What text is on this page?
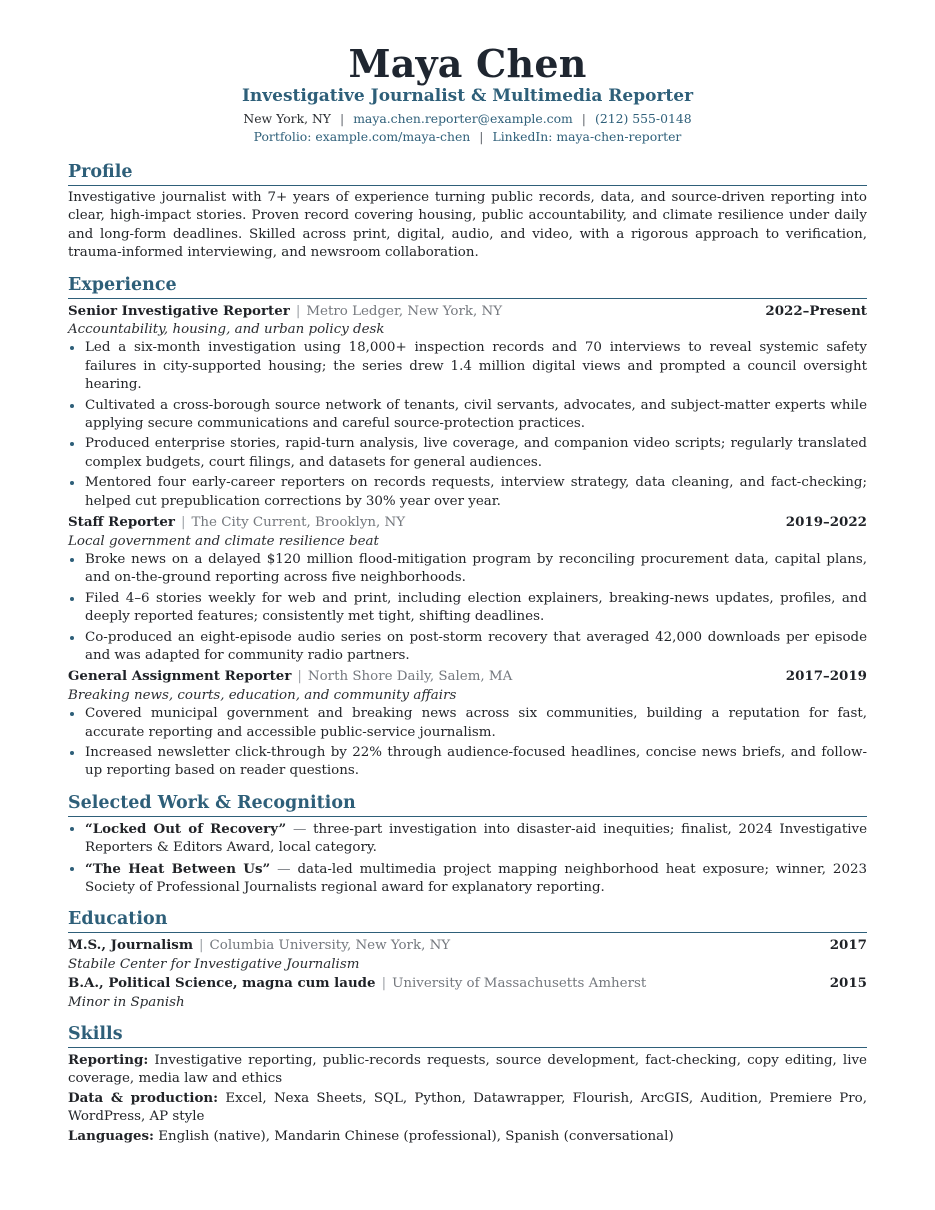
Maya Chen
Investigative Journalist & Multimedia Reporter
New York, NY | maya.chen.reporter@example.com | (212) 555-0148
Portfolio: example.com/maya-chen | LinkedIn: maya-chen-reporter
Profile
Investigative journalist with 7+ years of experience turning public records, data, and source-driven reporting into clear, high-impact stories. Proven record covering housing, public accountability, and climate resilience under daily and long-form deadlines. Skilled across print, digital, audio, and video, with a rigorous approach to verification, trauma-informed interviewing, and newsroom collaboration.
Experience
Senior Investigative Reporter | Metro Ledger, New York, NY	2022–Present
Accountability, housing, and urban policy desk
Led a six-month investigation using 18,000+ inspection records and 70 interviews to reveal systemic safety failures in city-supported housing; the series drew 1.4 million digital views and prompted a council oversight hearing.
Cultivated a cross-borough source network of tenants, civil servants, advocates, and subject-matter experts while applying secure communications and careful source-protection practices.
Produced enterprise stories, rapid-turn analysis, live coverage, and companion video scripts; regularly translated complex budgets, court filings, and datasets for general audiences.
Mentored four early-career reporters on records requests, interview strategy, data cleaning, and fact-checking; helped cut prepublication corrections by 30% year over year.
Staff Reporter | The City Current, Brooklyn, NY	2019–2022
Local government and climate resilience beat
Broke news on a delayed $120 million flood-mitigation program by reconciling procurement data, capital plans, and on-the-ground reporting across five neighborhoods.
Filed 4–6 stories weekly for web and print, including election explainers, breaking-news updates, profiles, and deeply reported features; consistently met tight, shifting deadlines.
Co-produced an eight-episode audio series on post-storm recovery that averaged 42,000 downloads per episode and was adapted for community radio partners.
General Assignment Reporter | North Shore Daily, Salem, MA	2017–2019
Breaking news, courts, education, and community affairs
Covered municipal government and breaking news across six communities, building a reputation for fast, accurate reporting and accessible public-service journalism.
Increased newsletter click-through by 22% through audience-focused headlines, concise news briefs, and follow-up reporting based on reader questions.
Selected Work & Recognition
“Locked Out of Recovery” — three-part investigation into disaster-aid inequities; finalist, 2024 Investigative Reporters & Editors Award, local category.
“The Heat Between Us” — data-led multimedia project mapping neighborhood heat exposure; winner, 2023 Society of Professional Journalists regional award for explanatory reporting.
Education
M.S., Journalism | Columbia University, New York, NY	2017
Stabile Center for Investigative Journalism
B.A., Political Science, magna cum laude | University of Massachusetts Amherst	2015
Minor in Spanish
Skills
Reporting: Investigative reporting, public-records requests, source development, fact-checking, copy editing, live coverage, media law and ethics
Data & production: Excel, Nexa Sheets, SQL, Python, Datawrapper, Flourish, ArcGIS, Audition, Premiere Pro, WordPress, AP style
Languages: English (native), Mandarin Chinese (professional), Spanish (conversational)
